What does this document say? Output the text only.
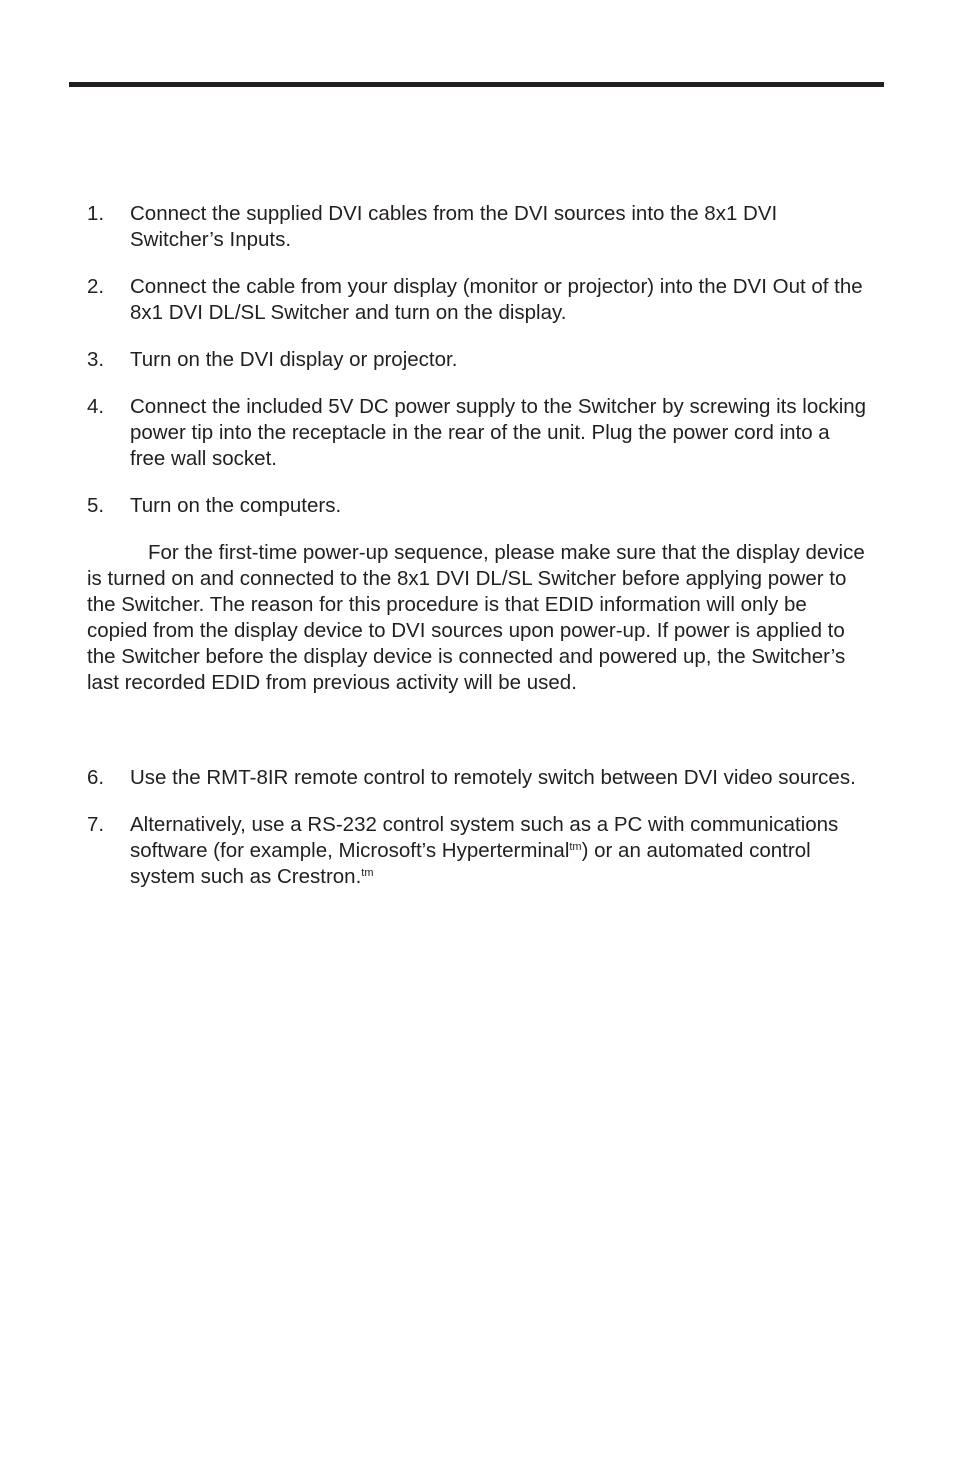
1. Connect the supplied DVI cables from the DVI sources into the 8x1 DVI Switcher’s Inputs.
2. Connect the cable from your display (monitor or projector) into the DVI Out of the 8x1 DVI DL/SL Switcher and turn on the display.
3. Turn on the DVI display or projector.
4. Connect the included 5V DC power supply to the Switcher by screwing its locking power tip into the receptacle in the rear of the unit. Plug the power cord into a free wall socket.
5. Turn on the computers.

For the first-time power-up sequence, please make sure that the display device is turned on and connected to the 8x1 DVI DL/SL Switcher before applying power to the Switcher. The reason for this procedure is that EDID information will only be copied from the display device to DVI sources upon power-up. If power is applied to the Switcher before the display device is connected and powered up, the Switcher’s last recorded EDID from previous activity will be used.

6. Use the RMT-8IR remote control to remotely switch between DVI video sources.
7. Alternatively, use a RS-232 control system such as a PC with communications software (for example, Microsoft’s Hyperterminal$^{tm}$) or an automated control system such as Crestron.$^{tm}$
